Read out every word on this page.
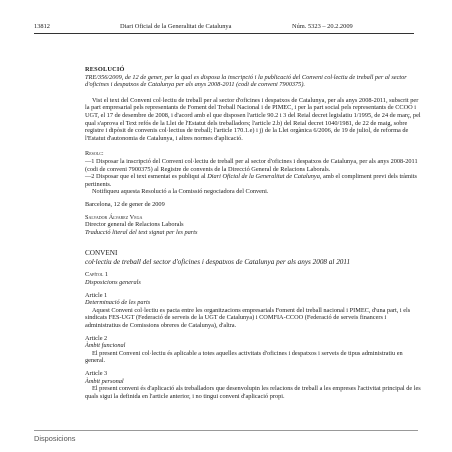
13812	Diari Oficial de la Generalitat de Catalunya	Núm. 5323 – 20.2.2009

RESOLUCIÓ

TRE/356/2009, de 12 de gener, per la qual es disposa la inscripció i la publicació del Conveni col·lectiu de treball per al sector d'oficines i despatxos de Catalunya per als anys 2008-2011 (codi de conveni 7900375).

Vist el text del Conveni col·lectiu de treball per al sector d'oficines i despatxos de Catalunya, per als anys 2008-2011, subscrit per la part empresarial pels representants de Foment del Treball Nacional i de PIMEC, i per la part social pels representants de CCOO i UGT, el 17 de desembre de 2008, i d'acord amb el que disposen l'article 90.2 i 3 del Reial decret legislatiu 1/1995, de 24 de març, pel qual s'aprova el Text refós de la Llei de l'Estatut dels treballadors; l'article 2.b) del Reial decret 1040/1981, de 22 de maig, sobre registre i dipòsit de convenis col·lectius de treball; l'article 170.1.e) i j) de la Llei orgànica 6/2006, de 19 de juliol, de reforma de l'Estatut d'autonomia de Catalunya, i altres normes d'aplicació.

Resolc:

—1 Disposar la inscripció del Conveni col·lectiu de treball per al sector d'oficines i despatxos de Catalunya, per als anys 2008-2011 (codi de conveni 7900375) al Registre de convenis de la Direcció General de Relacions Laborals.

—2 Disposar que el text esmentat es publiqui al Diari Oficial de la Generalitat de Catalunya, amb el compliment previ dels tràmits pertinents.

Notifiqueu aquesta Resolució a la Comissió negociadora del Conveni.

Barcelona, 12 de gener de 2009

Salvador Álvarez Vega

Director general de Relacions Laborals

Traducció literal del text signat per les parts

CONVENI

col·lectiu de treball del sector d'oficines i despatxos de Catalunya per als anys 2008 al 2011

Capítol 1

Disposicions generals

Article 1

Determinació de les parts

Aquest Conveni col·lectiu es pacta entre les organitzacions empresarials Foment del treball nacional i PIMEC, d'una part, i els sindicats FES-UGT (Federació de serveis de la UGT de Catalunya) i COMFIA-CCOO (Federació de serveis financers i administratius de Comissions obreres de Catalunya), d'altra.

Article 2

Àmbit funcional

El present Conveni col·lectiu és aplicable a totes aquelles activitats d'oficines i despatxos i serveis de tipus administratiu en general.

Article 3

Àmbit personal

El present conveni és d'aplicació als treballadors que desenvolupin les relacions de treball a les empreses l'activitat principal de les quals sigui la definida en l'article anterior, i no tingui conveni d'aplicació propi.

Disposicions
